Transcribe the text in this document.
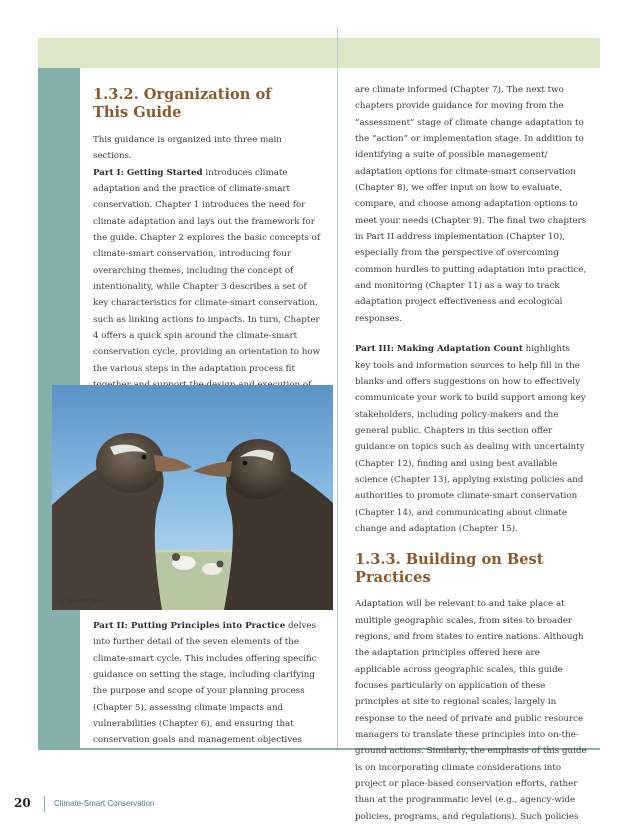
1.3.2. Organization of
This Guide

This guidance is organized into three main sections.

Part I: Getting Started introduces climate adaptation and the practice of climate-smart conservation. Chapter 1 introduces the need for climate adaptation and lays out the framework for the guide. Chapter 2 explores the basic concepts of climate-smart conservation, introducing four overarching themes, including the concept of intentionality, while Chapter 3 describes a set of key characteristics for climate-smart conservation, such as linking actions to impacts. In turn, Chapter 4 offers a quick spin around the climate-smart conservation cycle, providing an orientation to how the various steps in the adaptation process fit

© Daniel W. Clark

Part II: Putting Principles into Practice delves into further detail of the seven elements of the climate-smart cycle. This includes offering specific guidance on setting the stage, including clarifying the purpose and scope of your planning process (Chapter 5), assessing climate impacts and vulnerabilities (Chapter 6), and ensuring that conservation goals and management objectives

are climate informed (Chapter 7). The next two chapters provide guidance for moving from the “assessment” stage of climate change adaptation to the “action” or implementation stage. In addition to identifying a suite of possible management/ adaptation options for climate-smart conservation (Chapter 8), we offer input on how to evaluate, compare, and choose among adaptation options to meet your needs (Chapter 9). The final two chapters in Part II address implementation (Chapter 10), especially from the perspective of overcoming common hurdles to putting adaptation into practice, and monitoring (Chapter 11) as a way to track adaptation project effectiveness and ecological responses.

Part III: Making Adaptation Count highlights key tools and information sources to help fill in the blanks and offers suggestions on how to effectively communicate your work to build support among key stakeholders, including policy-makers and the general public. Chapters in this section offer guidance on topics such as dealing with uncertainty (Chapter 12), finding and using best available science (Chapter 13), applying existing policies and authorities to promote climate-smart conservation (Chapter 14), and communicating about climate change and adaptation (Chapter 15).

1.3.3. Building on Best Practices

Adaptation will be relevant to and take place at multiple geographic scales, from sites to broader regions, and from states to entire nations. Although the adaptation principles offered here are applicable across geographic scales, this guide focuses particularly on application of these principles at site to regional scales, largely in response to the need of private and public resource managers to translate these principles into on-the-ground actions. Similarly, the emphasis of this guide is on incorporating climate considerations into project or place-based conservation efforts, rather than at the programmatic level (e.g., agency-wide policies, programs, and regulations). Such policies

20	Climate-Smart Conservation
